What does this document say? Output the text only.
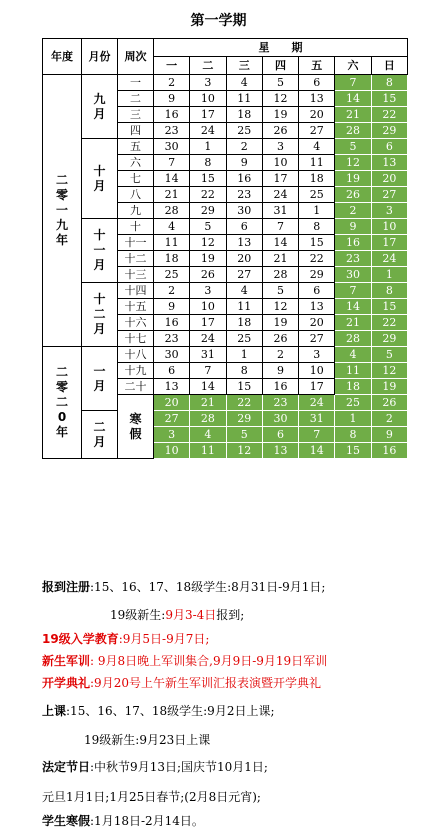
第一学期
年度	月份	周次	星　　期						
			一	二	三	四	五	六	日
二零一九年	九月	一	2	3	4	5	6	7	8
		二	9	10	11	12	13	14	15
		三	16	17	18	19	20	21	22
		四	23	24	25	26	27	28	29
	十月	五	30	1	2	3	4	5	6
		六	7	8	9	10	11	12	13
		七	14	15	16	17	18	19	20
		八	21	22	23	24	25	26	27
		九	28	29	30	31	1	2	3
	十一月	十	4	5	6	7	8	9	10
		十一	11	12	13	14	15	16	17
		十二	18	19	20	21	22	23	24
		十三	25	26	27	28	29	30	1
	十二月	十四	2	3	4	5	6	7	8
		十五	9	10	11	12	13	14	15
		十六	16	17	18	19	20	21	22
		十七	23	24	25	26	27	28	29
二零二0年	一月	十八	30	31	1	2	3	4	5
		十九	6	7	8	9	10	11	12
		二十	13	14	15	16	17	18	19
		寒假	20	21	22	23	24	25	26
	二月		27	28	29	30	31	1	2
			3	4	5	6	7	8	9
			10	11	12	13	14	15	16
报到注册:15、16、17、18级学生:8月31日-9月1日;
19级新生:9月3-4日报到;
19级入学教育:9月5日-9月7日;
新生军训: 9月8日晚上军训集合,9月9日-9月19日军训
开学典礼:9月20号上午新生军训汇报表演暨开学典礼
上课:15、16、17、18级学生:9月2日上课;
19级新生:9月23日上课
法定节日:中秋节9月13日;国庆节10月1日;
元旦1月1日;1月25日春节;(2月8日元宵);
学生寒假:1月18日-2月14日。
